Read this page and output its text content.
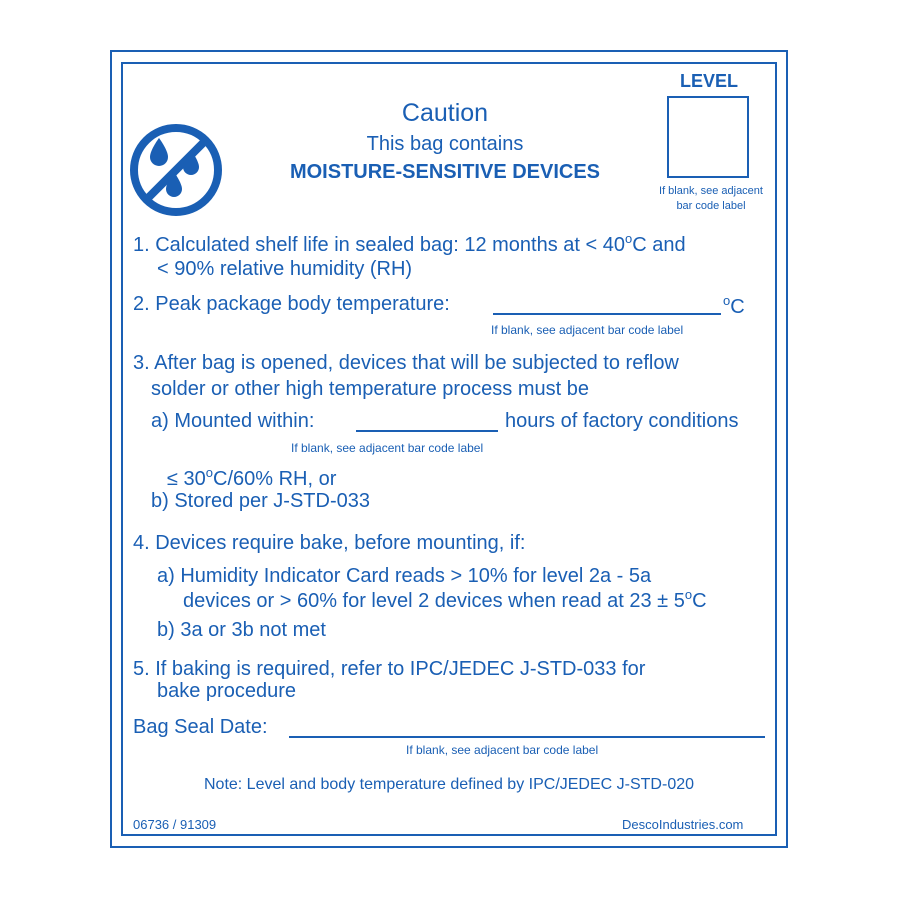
Caution
This bag contains
MOISTURE-SENSITIVE DEVICES
LEVEL
If blank, see adjacent
bar code label
1. Calculated shelf life in sealed bag: 12 months at < $40^oC$ and
< 90% relative humidity (RH)
2. Peak package body temperature:	$^o$C
If blank, see adjacent bar code label
3. After bag is opened, devices that will be subjected to reflow
solder or other high temperature process must be
a) Mounted within:	hours of factory conditions
If blank, see adjacent bar code label
≤ $30^oC/60\%$ RH, or
b) Stored per J-STD-033
4. Devices require bake, before mounting, if:
a) Humidity Indicator Card reads > 10% for level 2a - 5a
devices or > 60% for level 2 devices when read at $23 \pm 5^oC$
b) 3a or 3b not met
5. If baking is required, refer to IPC/JEDEC J-STD-033 for
bake procedure
Bag Seal Date:
If blank, see adjacent bar code label
Note: Level and body temperature defined by IPC/JEDEC J-STD-020
06736 / 91309	DescoIndustries.com
